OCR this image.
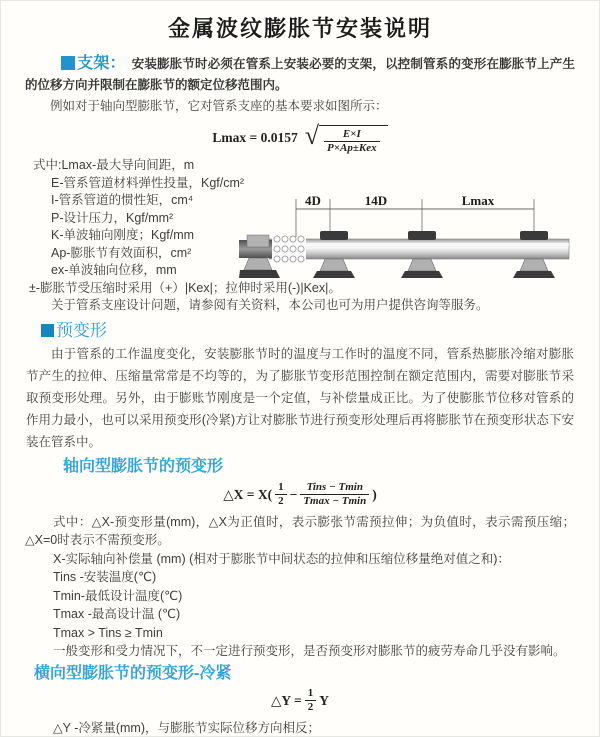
金属波纹膨胀节安装说明

支架： 安装膨胀节时必须在管系上安装必要的支架，以控制管系的变形在膨胀节上产生的位移方向并限制在膨胀节的额定位移范围内。

例如对于轴向型膨胀节，它对管系支座的基本要求如图所示：

Lmax = 0.0157 √ $\frac{E\times I}{\text{P×Ap±Kex}}$
式中:Lmax-最大导向间距，m
E-管系管道材料弹性投量，Kgf/cm²
I-管系管道的惯性矩，cm⁴
P-设计压力，Kgf/mm²
K-单波轴向刚度；Kgf/mm
Ap-膨胀节有效面积，cm²
ex-单波轴向位移，mm
±-膨胀节受压缩时采用（+）|Kex|；拉伸时采用(-)|Kex|。
关于管系支座设计问题，请参阅有关资料，本公司也可为用户提供咨询等服务。
4D	14D	Lmax
预变形

由于管系的工作温度变化，安装膨胀节时的温度与工作时的温度不同，管系热膨胀冷缩对膨胀节产生的拉伸、压缩量常常是不均等的，为了膨胀节变形范围控制在额定范围内，需要对膨胀节采取预变形处理。另外，由于膨账节刚度是一个定值，与补偿量成正比。为了使膨胀节位移对管系的作用力最小，也可以采用预变形(冷紧)方让对膨胀节进行预变形处理后再将膨胀节在预变形状态下安装在管系中。

轴向型膨胀节的预变形
△X = $X( \frac{1}{2} - \frac{\text{Tins − Tmin}}{Tmax - Tmin}$ )
式中：△X-预变形量(mm)，△X为正值时，表示膨张节需预拉伸；为负值时，表示需预压缩；△X=0时表示不需预变形。
X-实际轴向补偿量 (mm) (相对于膨胀节中间状态的拉伸和压缩位移量绝对值之和)：
Tins -安装温度(℃)
Tmin-最低设计温度(℃)
Tmax -最高设计温 (℃)
Tmax > Tins ≥ Tmin
一般变形和受力情况下，不一定进行预变形，是否预变形对膨胀节的疲劳寿命几乎没有影响。
横向型膨胀节的预变形-冷紧
△Y = $\frac{1}{2}$ Y
△Y -冷紧量(mm)，与膨胀节实际位移方向相反；
